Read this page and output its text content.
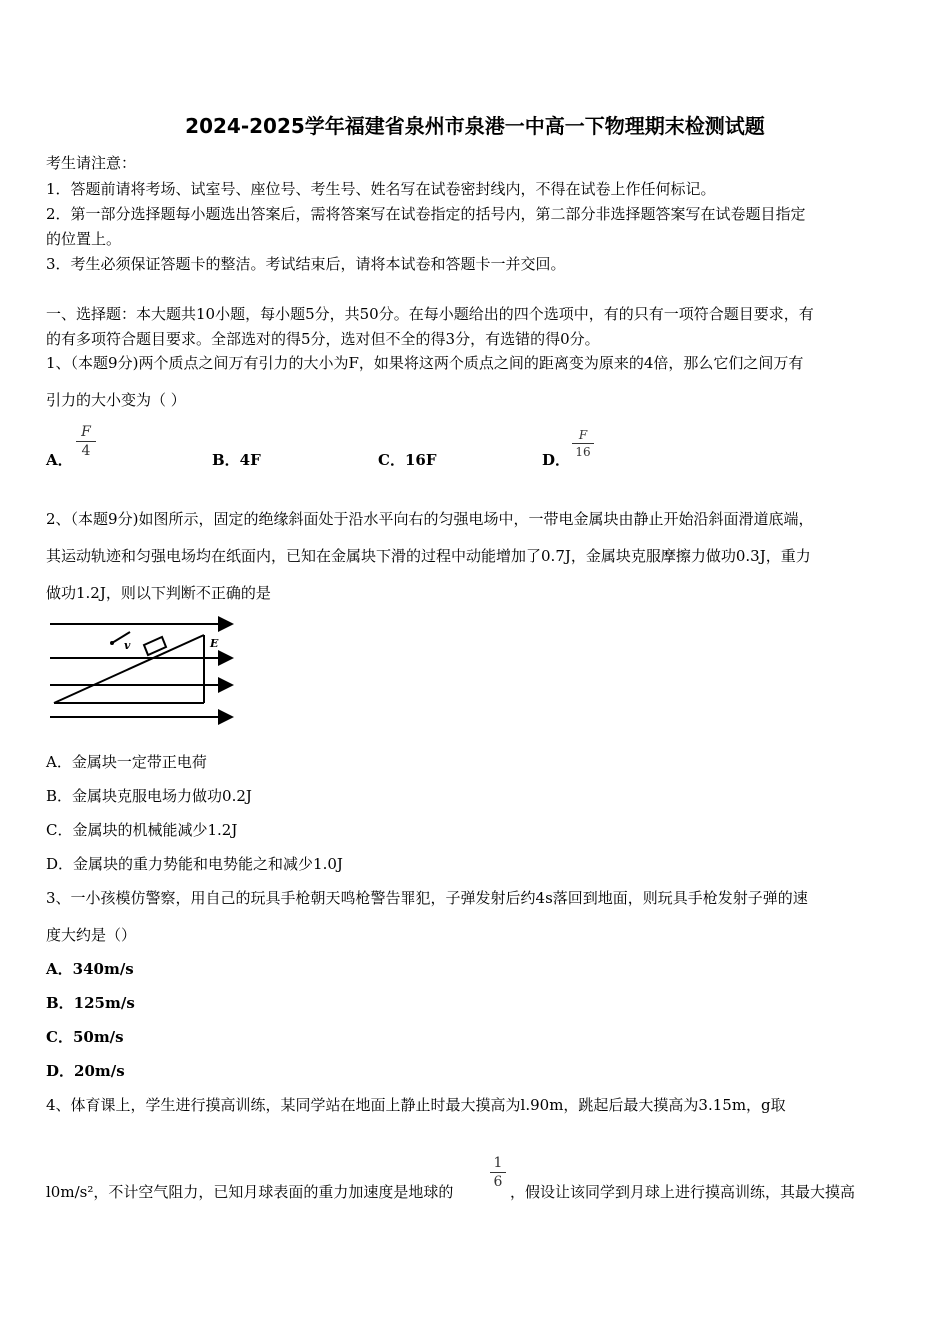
2024-2025学年福建省泉州市泉港一中高一下物理期末检测试题
考生请注意：
1．答题前请将考场、试室号、座位号、考生号、姓名写在试卷密封线内，不得在试卷上作任何标记。
2．第一部分选择题每小题选出答案后，需将答案写在试卷指定的括号内，第二部分非选择题答案写在试卷题目指定
的位置上。
3．考生必须保证答题卡的整洁。考试结束后，请将本试卷和答题卡一并交回。
一、选择题：本大题共10小题，每小题5分，共50分。在每小题给出的四个选项中，有的只有一项符合题目要求，有
的有多项符合题目要求。全部选对的得5分，选对但不全的得3分，有选错的得0分。
1、（本题9分)两个质点之间万有引力的大小为F，如果将这两个质点之间的距离变为原来的4倍，那么它们之间万有
引力的大小变为（ ）
A．
F
4	B．4F	C．16F	D．
F
16
2、（本题9分)如图所示，固定的绝缘斜面处于沿水平向右的匀强电场中，一带电金属块由静止开始沿斜面滑道底端，
其运动轨迹和匀强电场均在纸面内，已知在金属块下滑的过程中动能增加了0.7J，金属块克服摩擦力做功0.3J，重力
做功1.2J，则以下判断不正确的是
v	E
A．金属块一定带正电荷
B．金属块克服电场力做功0.2J
C．金属块的机械能减少1.2J
D．金属块的重力势能和电势能之和减少1.0J
3、一小孩模仿警察，用自己的玩具手枪朝天鸣枪警告罪犯，子弹发射后约4s落回到地面，则玩具手枪发射子弹的速
度大约是（）
A．340m/s
B．125m/s
C．50m/s
D．20m/s
4、体育课上，学生进行摸高训练，某同学站在地面上静止时最大摸高为l.90m，跳起后最大摸高为3.15m，g取
l0m/s²，不计空气阻力，已知月球表面的重力加速度是地球的
1
6
，假设让该同学到月球上进行摸高训练，其最大摸高
